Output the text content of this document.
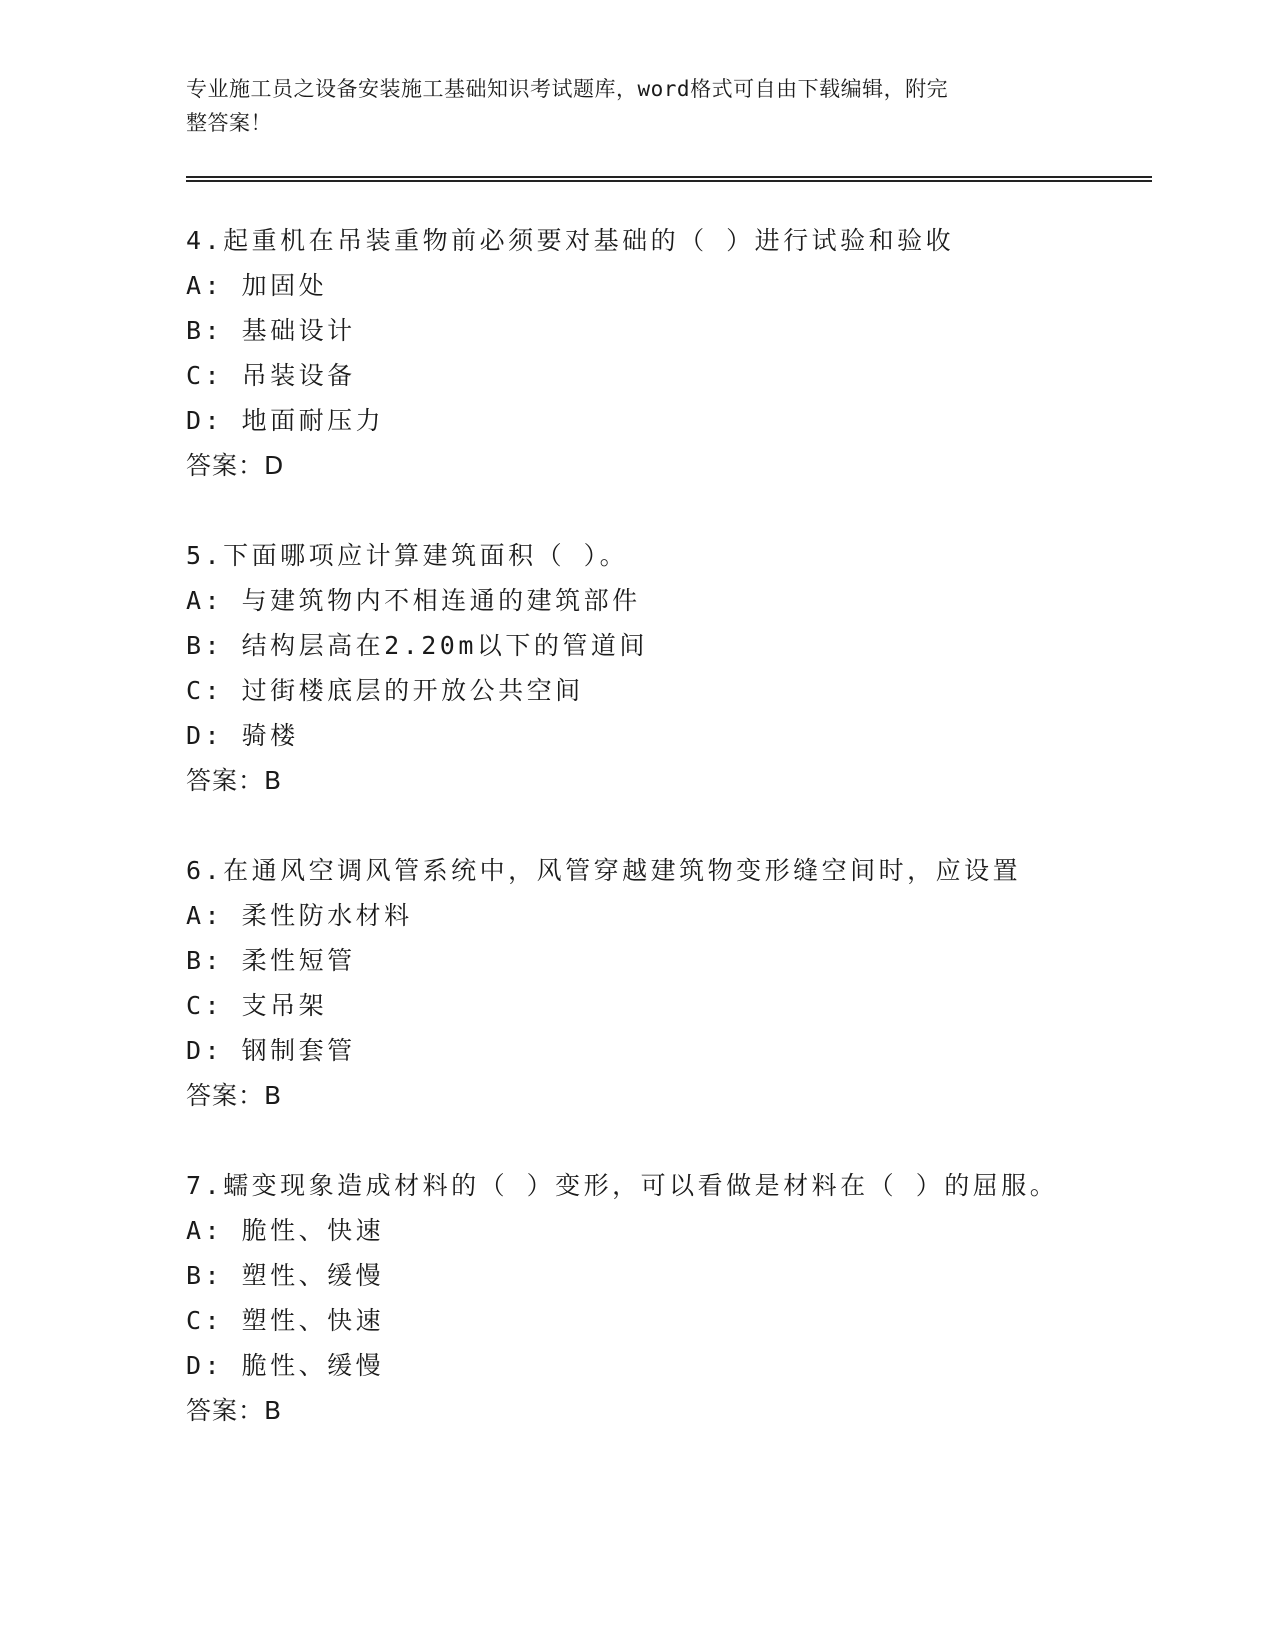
专业施工员之设备安装施工基础知识考试题库，word格式可自由下载编辑，附完
整答案！
4.起重机在吊装重物前必须要对基础的（ ）进行试验和验收
A: 加固处
B: 基础设计
C: 吊装设备
D: 地面耐压力
答案：D
5.下面哪项应计算建筑面积（ ）。
A: 与建筑物内不相连通的建筑部件
B: 结构层高在2.20m以下的管道间
C: 过街楼底层的开放公共空间
D: 骑楼
答案：B
6.在通风空调风管系统中，风管穿越建筑物变形缝空间时，应设置
A: 柔性防水材料
B: 柔性短管
C: 支吊架
D: 钢制套管
答案：B
7.蠕变现象造成材料的（ ）变形，可以看做是材料在（ ）的屈服。
A: 脆性、快速
B: 塑性、缓慢
C: 塑性、快速
D: 脆性、缓慢
答案：B
